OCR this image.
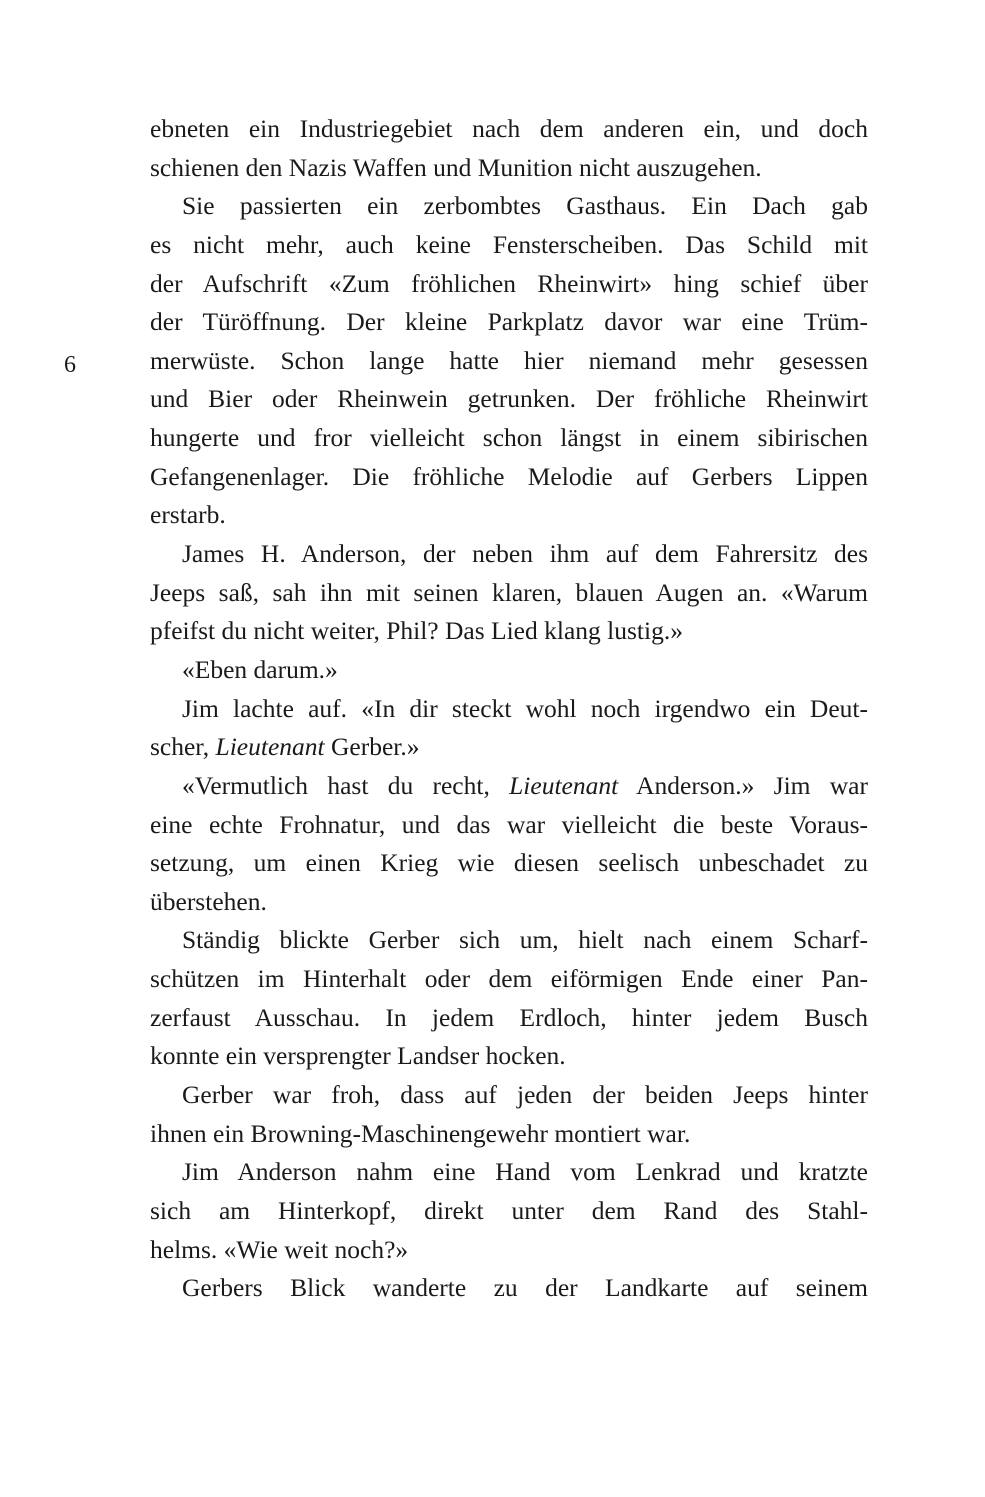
6
ebneten ein Industriegebiet nach dem anderen ein, und doch
schienen den Nazis Waffen und Munition nicht auszugehen.
Sie passierten ein zerbombtes Gasthaus. Ein Dach gab
es nicht mehr, auch keine Fensterscheiben. Das Schild mit
der Aufschrift «Zum fröhlichen Rheinwirt» hing schief über
der Türöffnung. Der kleine Parkplatz davor war eine Trüm-
merwüste. Schon lange hatte hier niemand mehr gesessen
und Bier oder Rheinwein getrunken. Der fröhliche Rheinwirt
hungerte und fror vielleicht schon längst in einem sibirischen
Gefangenenlager. Die fröhliche Melodie auf Gerbers Lippen
erstarb.
James H. Anderson, der neben ihm auf dem Fahrersitz des
Jeeps saß, sah ihn mit seinen klaren, blauen Augen an. «Warum
pfeifst du nicht weiter, Phil? Das Lied klang lustig.»
«Eben darum.»
Jim lachte auf. «In dir steckt wohl noch irgendwo ein Deut-
scher, Lieutenant Gerber.»
«Vermutlich hast du recht, Lieutenant Anderson.» Jim war
eine echte Frohnatur, und das war vielleicht die beste Voraus-
setzung, um einen Krieg wie diesen seelisch unbeschadet zu
überstehen.
Ständig blickte Gerber sich um, hielt nach einem Scharf-
schützen im Hinterhalt oder dem eiförmigen Ende einer Pan-
zerfaust Ausschau. In jedem Erdloch, hinter jedem Busch
konnte ein versprengter Landser hocken.
Gerber war froh, dass auf jeden der beiden Jeeps hinter
ihnen ein Browning-Maschinengewehr montiert war.
Jim Anderson nahm eine Hand vom Lenkrad und kratzte
sich am Hinterkopf, direkt unter dem Rand des Stahl-
helms. «Wie weit noch?»
Gerbers Blick wanderte zu der Landkarte auf seinem
